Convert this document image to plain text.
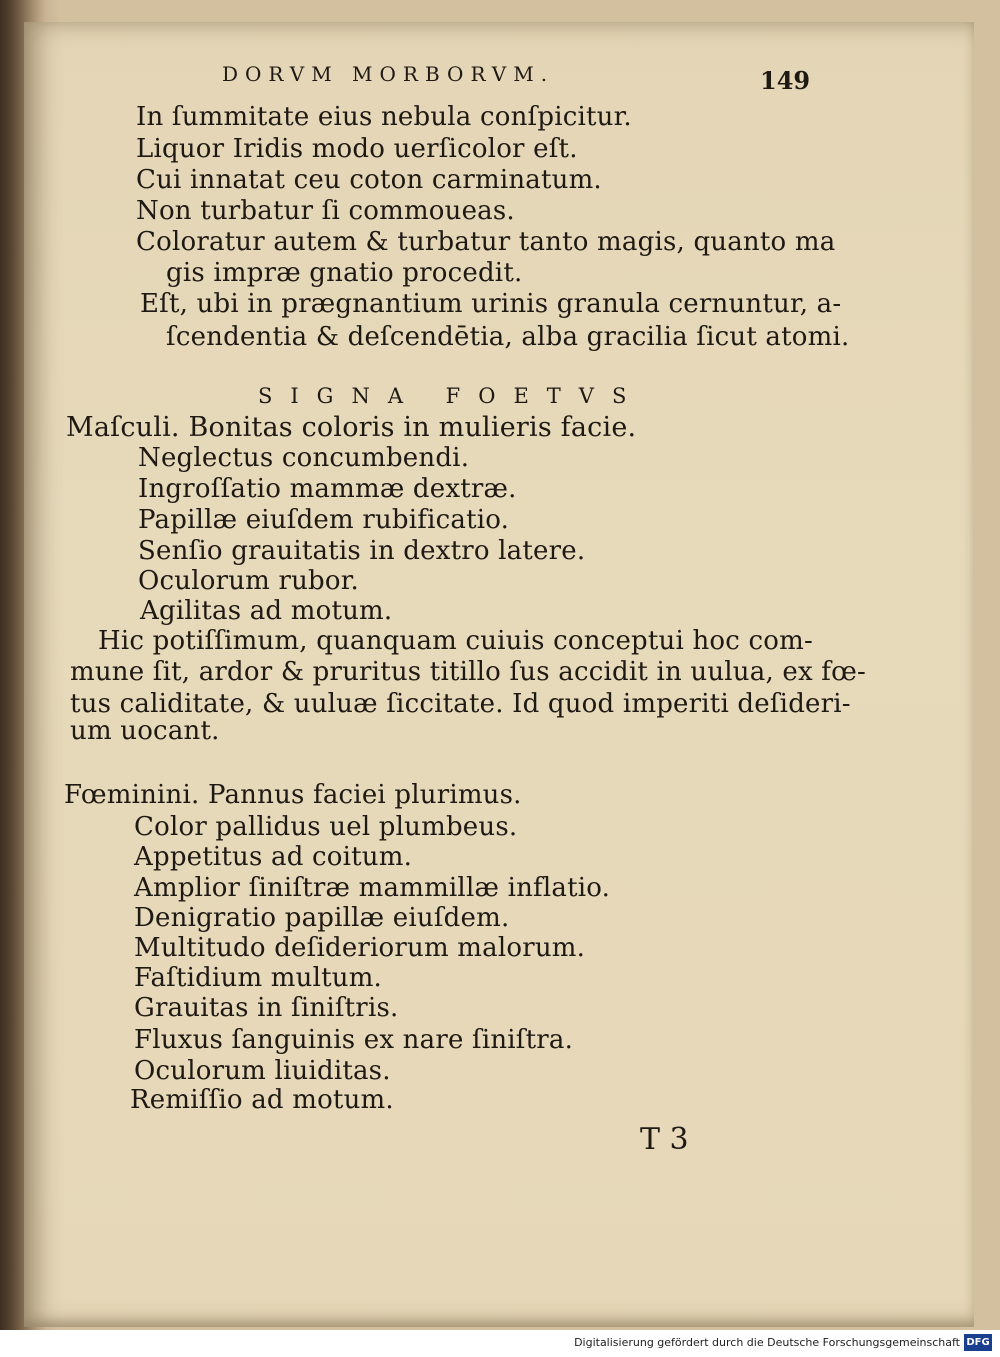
DORVM MORBORVM.	149
In ſummitate eius nebula conſpicitur.
Liquor Iridis modo uerſicolor eſt.
Cui innatat ceu coton carminatum.
Non turbatur ſi commoueas.
Coloratur autem & turbatur tanto magis, quanto ma
gis impræ gnatio procedit.
Eſt, ubi in prægnantium urinis granula cernuntur, a-
ſcendentia & deſcendētia, alba gracilia ſicut atomi.
SIGNA FOETVS
Maſculi. Bonitas coloris in mulieris facie.
Neglectus concumbendi.
Ingroſſatio mammæ dextræ.
Papillæ eiuſdem rubificatio.
Senſio grauitatis in dextro latere.
Oculorum rubor.
Agilitas ad motum.
Hic potiſſimum, quanquam cuiuis conceptui hoc com-
mune ſit, ardor & pruritus titillo ſus accidit in uulua, ex fœ-
tus caliditate, & uuluæ ſiccitate. Id quod imperiti deſideri-
um uocant.
Fœminini. Pannus faciei plurimus.
Color pallidus uel plumbeus.
Appetitus ad coitum.
Amplior ſiniſtræ mammillæ inflatio.
Denigratio papillæ eiuſdem.
Multitudo deſideriorum malorum.
Faſtidium multum.
Grauitas in ſiniſtris.
Fluxus ſanguinis ex nare ſiniſtra.
Oculorum liuiditas.
Remiſſio ad motum.
T 3
Digitalisierung gefördert durch die Deutsche Forschungsgemeinschaft DFG
